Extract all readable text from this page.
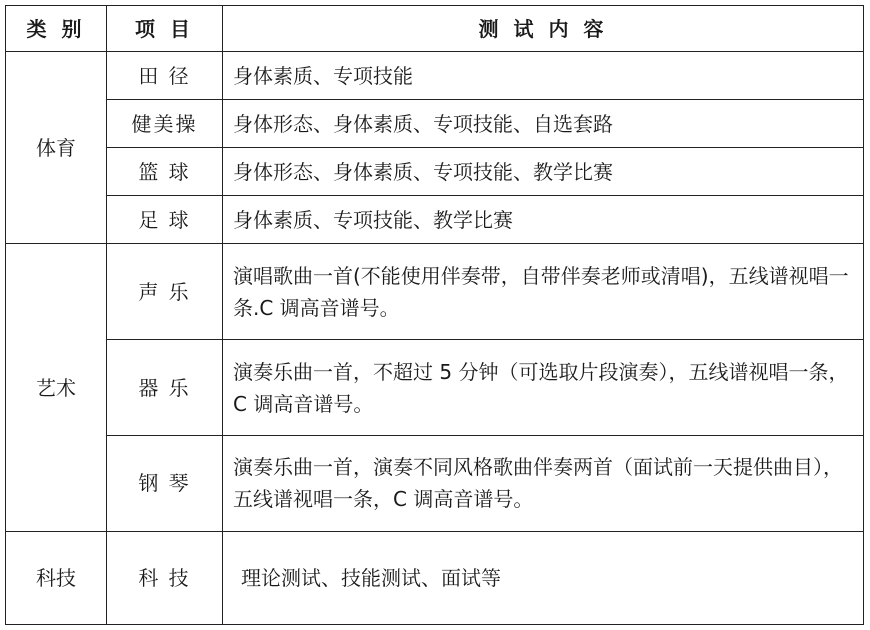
类 别	项 目	测 试 内 容
体育	田 径	身体素质、专项技能
	健美操	身体形态、身体素质、专项技能、自选套路
	篮 球	身体形态、身体素质、专项技能、教学比赛
	足 球	身体素质、专项技能、教学比赛
艺术	声 乐	演唱歌曲一首(不能使用伴奏带，自带伴奏老师或清唱)，五线谱视唱一条.C 调高音谱号。
	器 乐	演奏乐曲一首，不超过 5 分钟（可选取片段演奏），五线谱视唱一条，C 调高音谱号。
	钢 琴	演奏乐曲一首，演奏不同风格歌曲伴奏两首（面试前一天提供曲目），五线谱视唱一条，C 调高音谱号。
科技	科 技	理论测试、技能测试、面试等
